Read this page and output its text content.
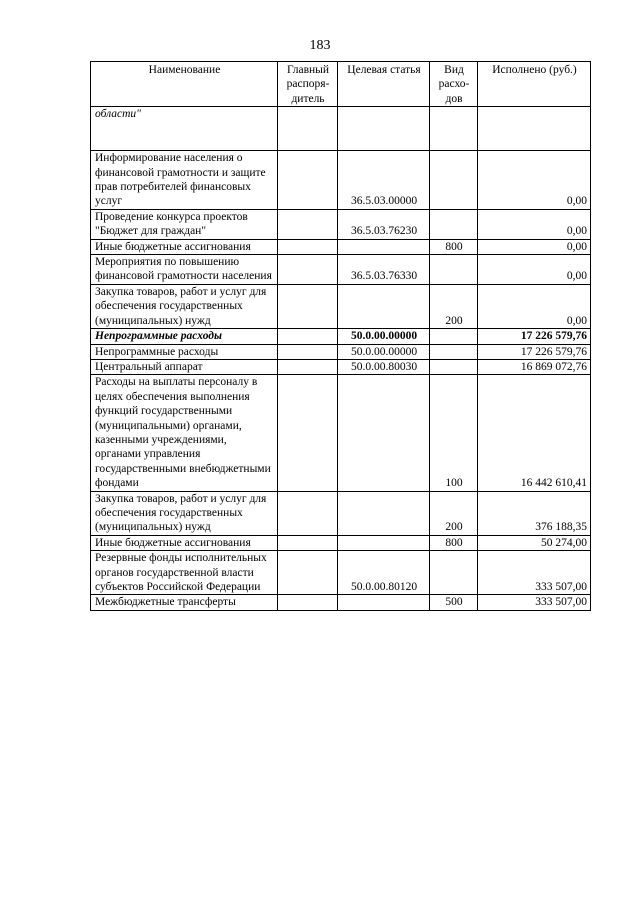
183
Наименование	Главный распоря- дитель	Целевая статья	Вид расхо- дов	Исполнено (руб.)
области"				
Информирование населения о финансовой грамотности и защите прав потребителей финансовых услуг		36.5.03.00000		0,00
Проведение конкурса проектов "Бюджет для граждан"		36.5.03.76230		0,00
Иные бюджетные ассигнования			800	0,00
Мероприятия по повышению финансовой грамотности населения		36.5.03.76330		0,00
Закупка товаров, работ и услуг для обеспечения государственных (муниципальных) нужд			200	0,00
Непрограммные расходы		50.0.00.00000		17 226 579,76
Непрограммные расходы		50.0.00.00000		17 226 579,76
Центральный аппарат		50.0.00.80030		16 869 072,76
Расходы на выплаты персоналу в целях обеспечения выполнения функций государственными (муниципальными) органами, казенными учреждениями, органами управления государственными внебюджетными фондами			100	16 442 610,41
Закупка товаров, работ и услуг для обеспечения государственных (муниципальных) нужд			200	376 188,35
Иные бюджетные ассигнования			800	50 274,00
Резервные фонды исполнительных органов государственной власти субъектов Российской Федерации		50.0.00.80120		333 507,00
Межбюджетные трансферты			500	333 507,00
